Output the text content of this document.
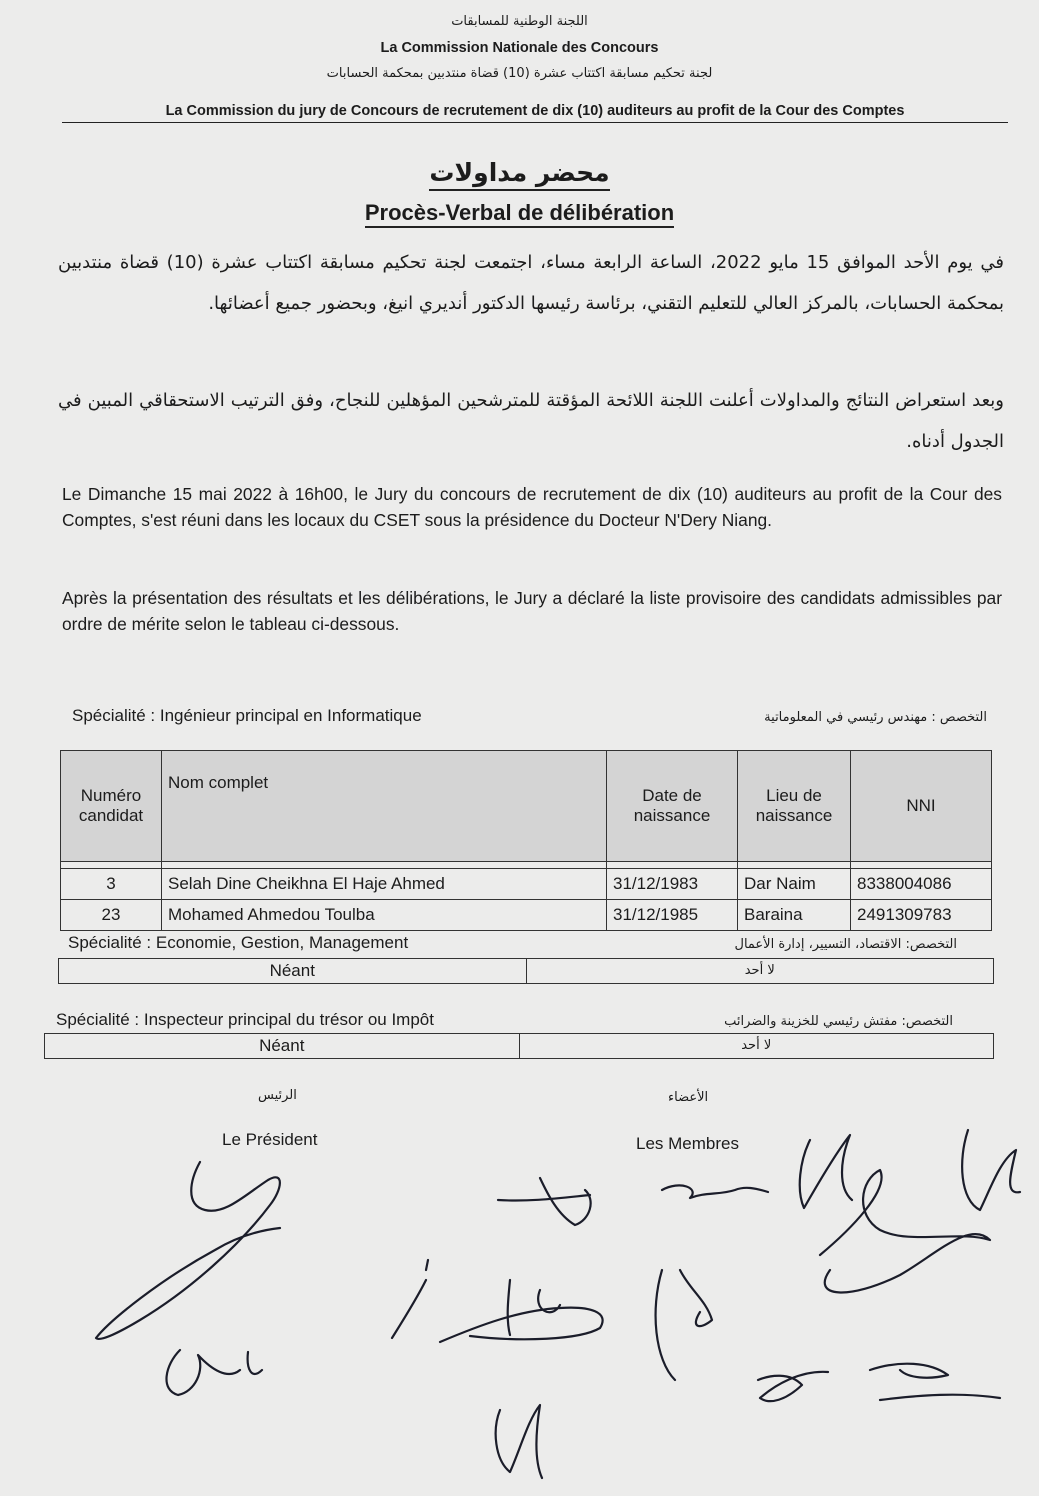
اللجنة الوطنية للمسابقات
La Commission Nationale des Concours
لجنة تحكيم مسابقة اكتتاب عشرة (10) قضاة منتدبين بمحكمة الحسابات
La Commission du jury de Concours de recrutement de dix (10) auditeurs au profit de la Cour des Comptes
محضر مداولات
Procès-Verbal de délibération
في يوم الأحد الموافق 15 مايو 2022، الساعة الرابعة مساء، اجتمعت لجنة تحكيم مسابقة اكتتاب عشرة (10) قضاة منتدبين بمحكمة الحسابات، بالمركز العالي للتعليم التقني، برئاسة رئيسها الدكتور أنديري انيغ، وبحضور جميع أعضائها.
وبعد استعراض النتائج والمداولات أعلنت اللجنة اللائحة المؤقتة للمترشحين المؤهلين للنجاح، وفق الترتيب الاستحقاقي المبين في الجدول أدناه.
Le Dimanche 15 mai 2022 à 16h00, le Jury du concours de recrutement de dix (10) auditeurs au profit de la Cour des Comptes, s'est réuni dans les locaux du CSET sous la présidence du Docteur N'Dery Niang.
Après la présentation des résultats et les délibérations, le Jury a déclaré la liste provisoire des candidats admissibles par ordre de mérite selon le tableau ci-dessous.
Spécialité : Ingénieur principal en Informatique	التخصص : مهندس رئيسي في المعلوماتية
Numéro candidat	Nom complet	Date de naissance	Lieu de naissance	NNI

3	Selah Dine Cheikhna El Haje Ahmed	31/12/1983	Dar Naim	8338004086
23	Mohamed Ahmedou Toulba	31/12/1985	Baraina	2491309783
Spécialité : Economie, Gestion, Management	التخصص: الاقتصاد، التسيير، إدارة الأعمال
Néant	لا أحد
Spécialité : Inspecteur principal du trésor ou Impôt	التخصص: مفتش رئيسي للخزينة والضرائب
Néant	لا أحد
الرئيس
Le Président
الأعضاء
Les Membres
